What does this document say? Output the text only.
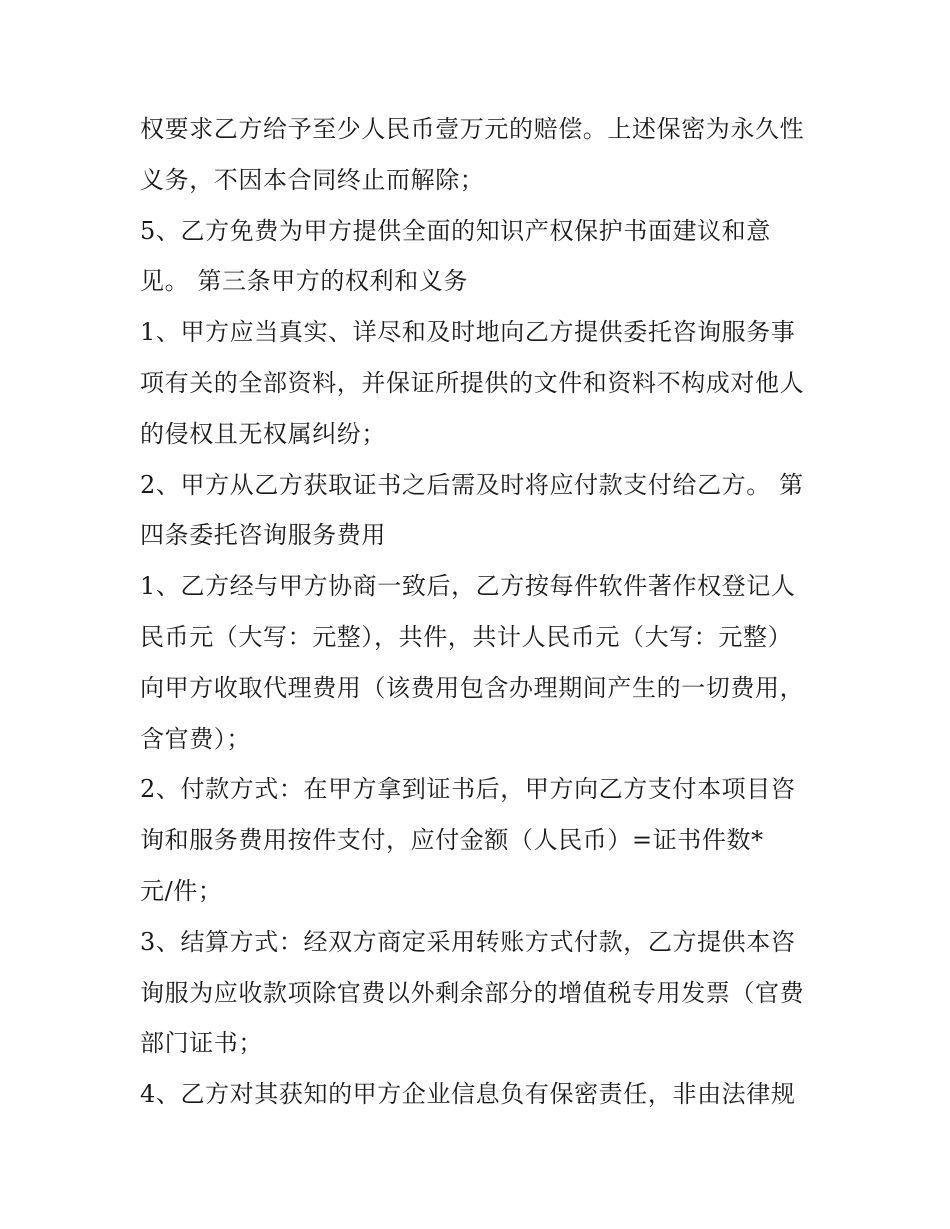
权要求乙方给予至少人民币壹万元的赔偿。上述保密为永久性
义务，不因本合同终止而解除；
5、乙方免费为甲方提供全面的知识产权保护书面建议和意
见。 第三条甲方的权利和义务
1、甲方应当真实、详尽和及时地向乙方提供委托咨询服务事
项有关的全部资料，并保证所提供的文件和资料不构成对他人
的侵权且无权属纠纷；
2、甲方从乙方获取证书之后需及时将应付款支付给乙方。 第
四条委托咨询服务费用
1、乙方经与甲方协商一致后，乙方按每件软件著作权登记人
民币元（大写：元整），共件，共计人民币元（大写：元整）
向甲方收取代理费用（该费用包含办理期间产生的一切费用，
含官费）；
2、付款方式：在甲方拿到证书后，甲方向乙方支付本项目咨
询和服务费用按件支付，应付金额（人民币）=证书件数*
元/件；
3、结算方式：经双方商定采用转账方式付款，乙方提供本咨
询服为应收款项除官费以外剩余部分的增值税专用发票（官费
部门证书；
4、乙方对其获知的甲方企业信息负有保密责任，非由法律规
